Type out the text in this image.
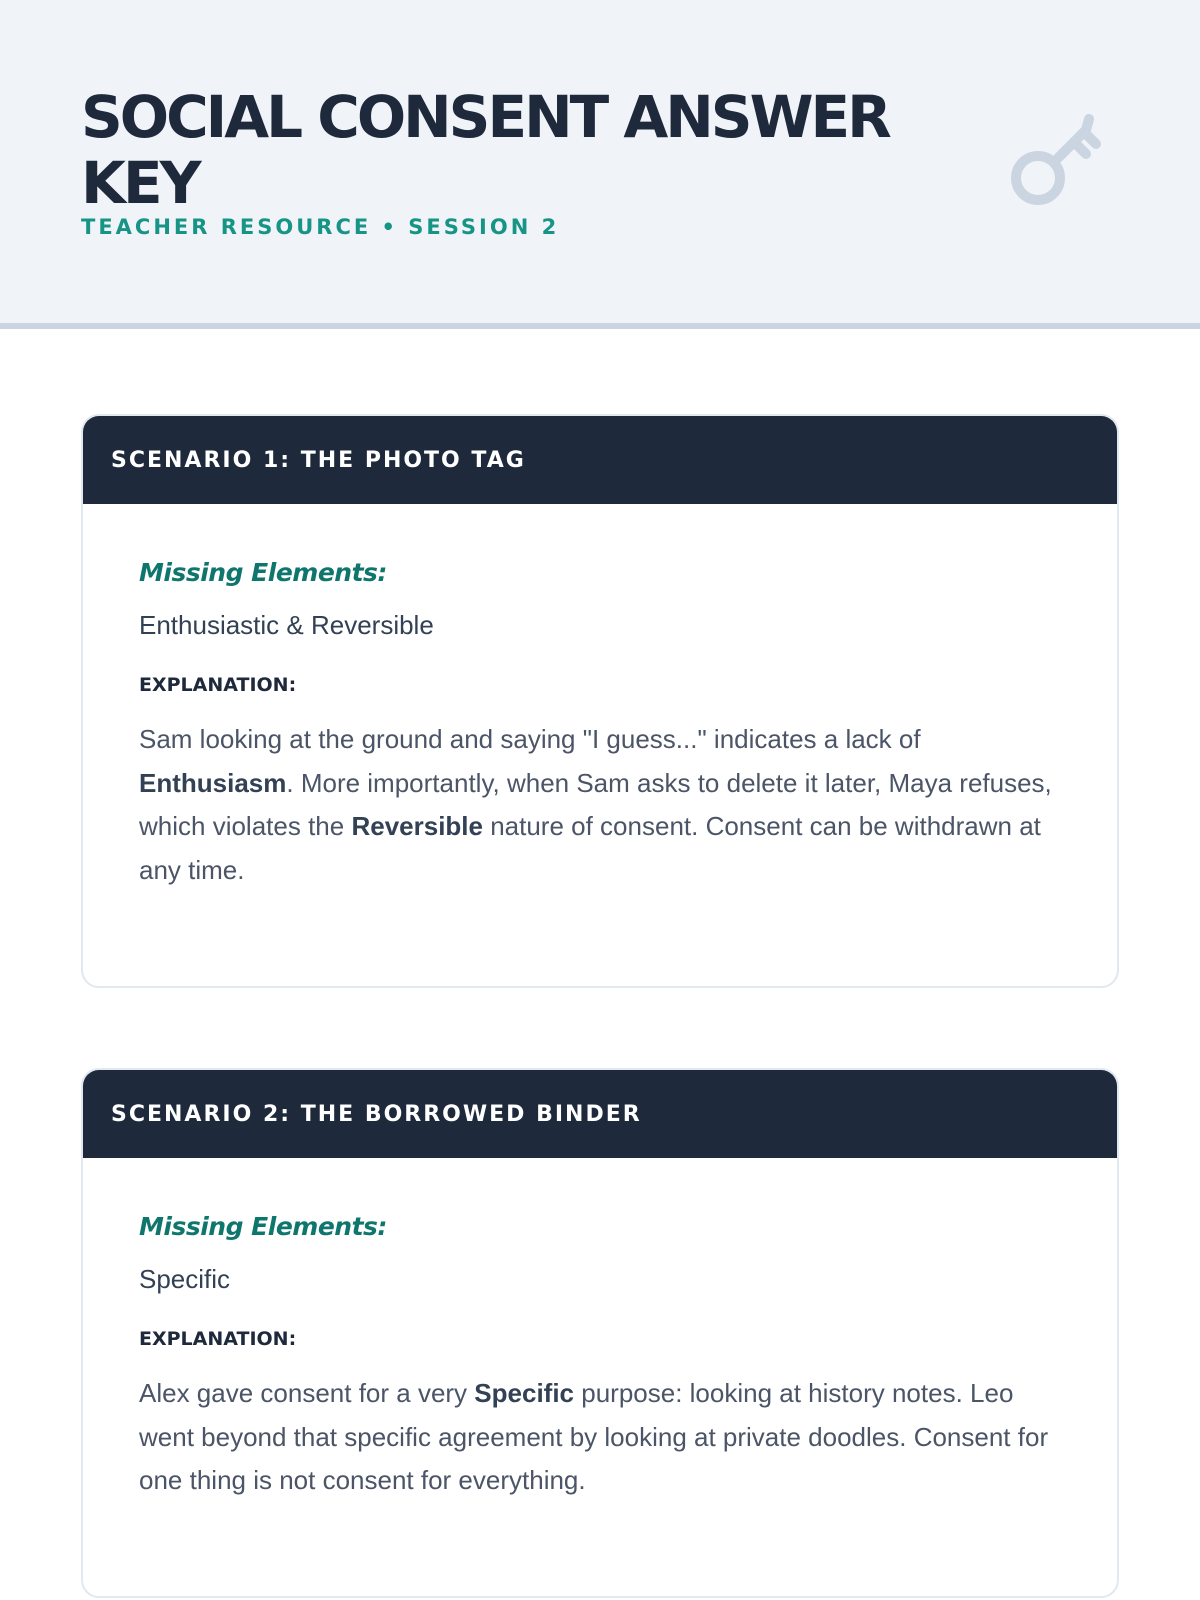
SOCIAL CONSENT ANSWER KEY
TEACHER RESOURCE • SESSION 2
SCENARIO 1: THE PHOTO TAG

Missing Elements:

Enthusiastic & Reversible

EXPLANATION:

Sam looking at the ground and saying "I guess..." indicates a lack of Enthusiasm. More importantly, when Sam asks to delete it later, Maya refuses, which violates the Reversible nature of consent. Consent can be withdrawn at any time.

SCENARIO 2: THE BORROWED BINDER

Missing Elements:

Specific

EXPLANATION:

Alex gave consent for a very Specific purpose: looking at history notes. Leo went beyond that specific agreement by looking at private doodles. Consent for one thing is not consent for everything.
